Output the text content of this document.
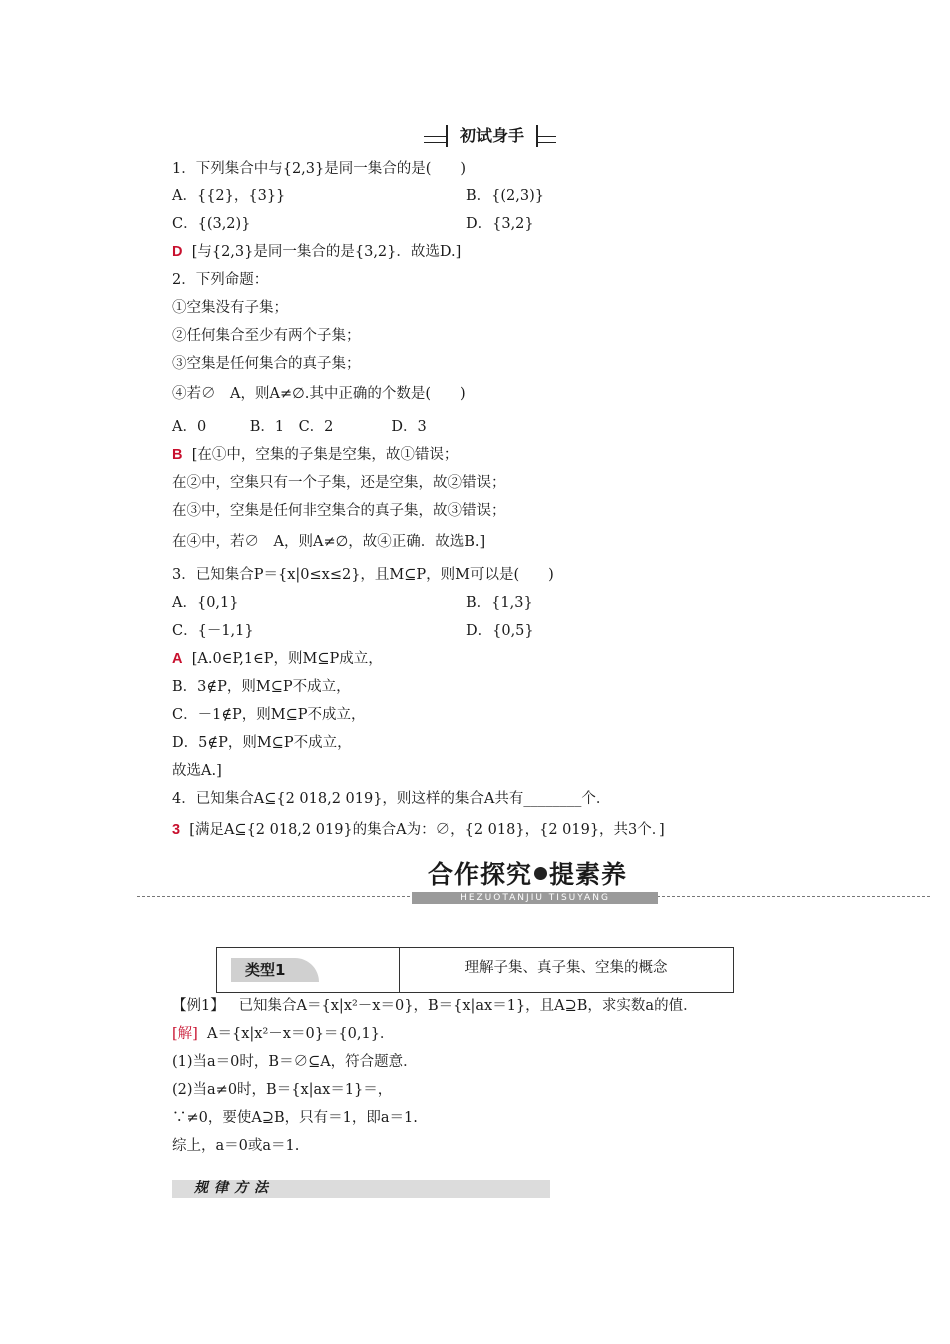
初试身手
1．下列集合中与{2,3}是同一集合的是(　　)
A．{{2}，{3}}	B．{(2,3)}
C．{(3,2)}	D．{3,2}
D [与{2,3}是同一集合的是{3,2}．故选D.]
2．下列命题：
①空集没有子集；
②任何集合至少有两个子集；
③空集是任何集合的真子集；
④若∅　A，则A≠∅.其中正确的个数是(　　)
A．0　　　B．1　C．2　　　　D．3
B [在①中，空集的子集是空集，故①错误；
在②中，空集只有一个子集，还是空集，故②错误；
在③中，空集是任何非空集合的真子集，故③错误；
在④中，若∅　A，则A≠∅，故④正确．故选B.]
3．已知集合P＝{x|0≤x≤2}，且M⊆P，则M可以是(　　)
A．{0,1}	B．{1,3}
C．{－1,1}	D．{0,5}
A [A.0∈P,1∈P，则M⊆P成立，
B．3∉P，则M⊆P不成立，
C．－1∉P，则M⊆P不成立，
D．5∉P，则M⊆P不成立，
故选A.]
4．已知集合A⊆{2 018,2 019}，则这样的集合A共有________个．
3 [满足A⊆{2 018,2 019}的集合A为：∅，{2 018}，{2 019}，共3个．]
合作探究 提素养
HEZUOTANJIU TISUYANG
类型1	理解子集、真子集、空集的概念
【例1】 已知集合A＝{x|x²－x＝0}，B＝{x|ax＝1}，且A⊇B，求实数a的值．
[解] A＝{x|x²－x＝0}＝{0,1}．
(1)当a＝0时，B＝∅⊆A，符合题意．
(2)当a≠0时，B＝{x|ax＝1}＝，
∵≠0，要使A⊇B，只有＝1，即a＝1.
综上，a＝0或a＝1.
规律方法
